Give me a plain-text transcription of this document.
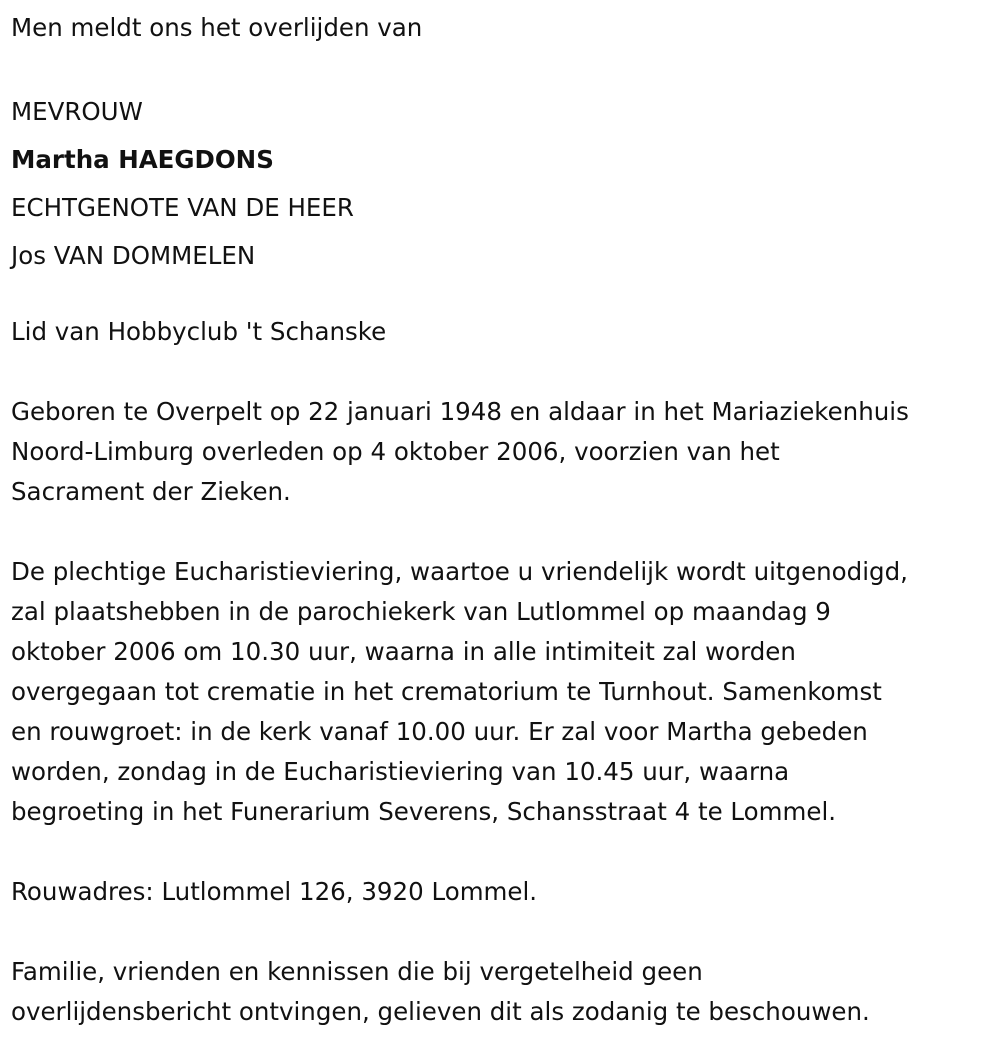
Men meldt ons het overlijden van

MEVROUW

Martha HAEGDONS

ECHTGENOTE VAN DE HEER

Jos VAN DOMMELEN

Lid van Hobbyclub 't Schanske

Geboren te Overpelt op 22 januari 1948 en aldaar in het Mariaziekenhuis

Noord-Limburg overleden op 4 oktober 2006, voorzien van het

Sacrament der Zieken.

De plechtige Eucharistieviering, waartoe u vriendelijk wordt uitgenodigd,

zal plaatshebben in de parochiekerk van Lutlommel op maandag 9

oktober 2006 om 10.30 uur, waarna in alle intimiteit zal worden

overgegaan tot crematie in het crematorium te Turnhout. Samenkomst

en rouwgroet: in de kerk vanaf 10.00 uur. Er zal voor Martha gebeden

worden, zondag in de Eucharistieviering van 10.45 uur, waarna

begroeting in het Funerarium Severens, Schansstraat 4 te Lommel.

Rouwadres: Lutlommel 126, 3920 Lommel.

Familie, vrienden en kennissen die bij vergetelheid geen

overlijdensbericht ontvingen, gelieven dit als zodanig te beschouwen.
